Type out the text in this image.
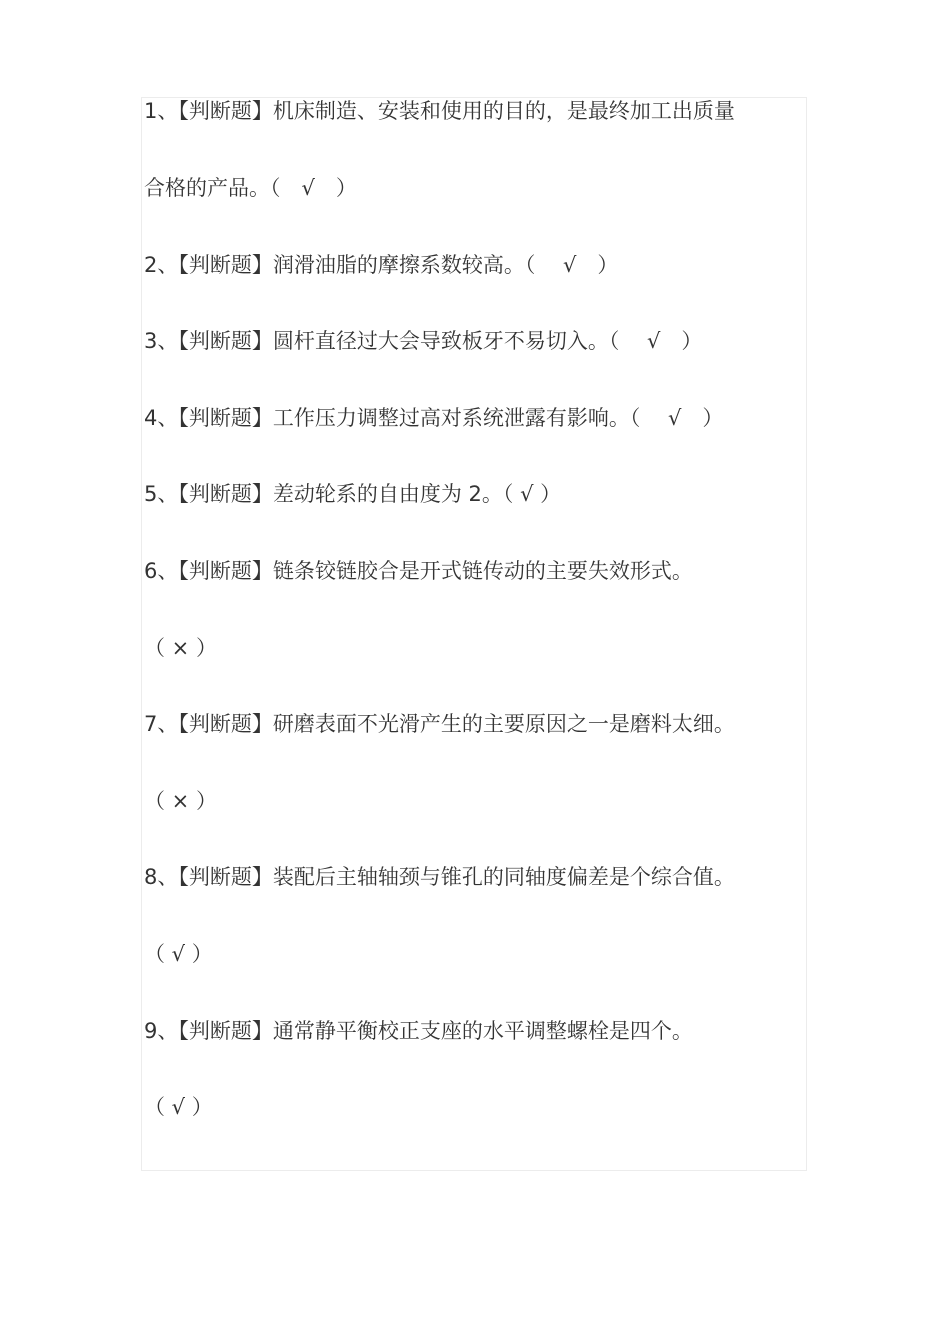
1、【判断题】机床制造、安装和使用的目的，是最终加工出质量
合格的产品。（　√　）
2、【判断题】润滑油脂的摩擦系数较高。（　 √　）
3、【判断题】圆杆直径过大会导致板牙不易切入。（　 √　）
4、【判断题】工作压力调整过高对系统泄露有影响。（　 √　）
5、【判断题】差动轮系的自由度为 2。（ √ ）
6、【判断题】链条铰链胶合是开式链传动的主要失效形式。
（ × ）
7、【判断题】研磨表面不光滑产生的主要原因之一是磨料太细。
（ × ）
8、【判断题】装配后主轴轴颈与锥孔的同轴度偏差是个综合值。
（ √ ）
9、【判断题】通常静平衡校正支座的水平调整螺栓是四个。
（ √ ）
